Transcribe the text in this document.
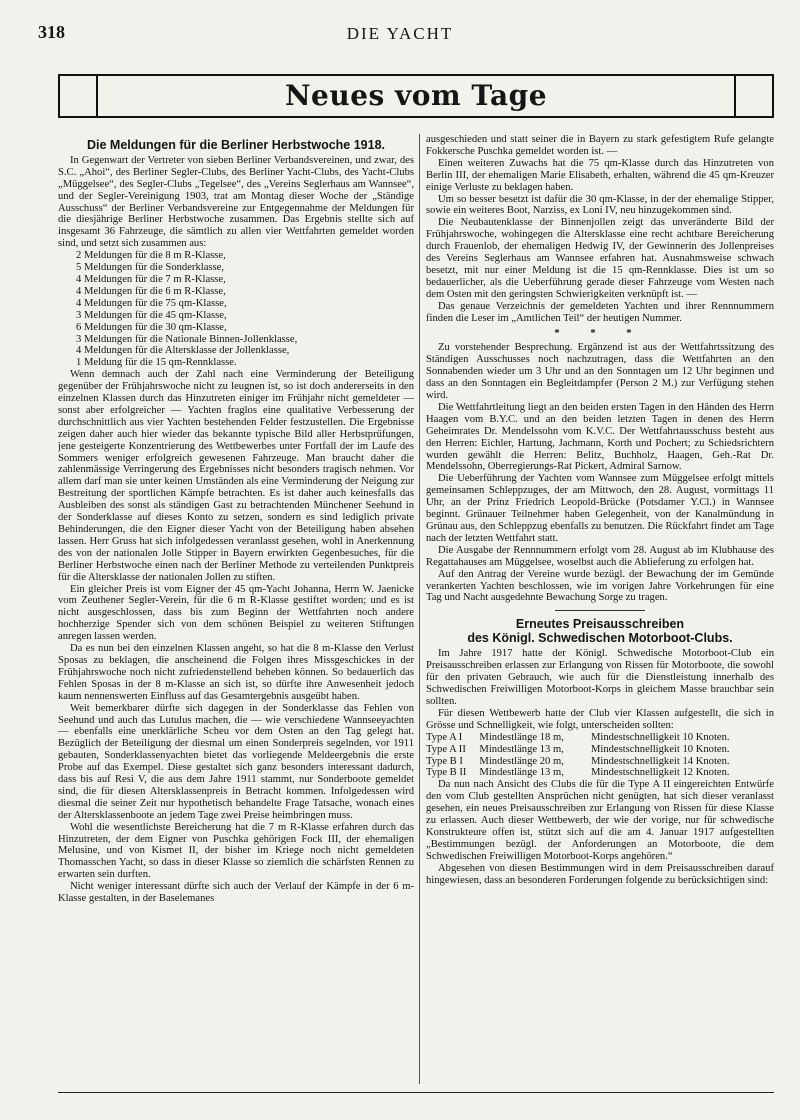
318	DIE YACHT
Neues vom Tage
Die Meldungen für die Berliner Herbstwoche 1918.

In Gegenwart der Vertreter von sieben Berliner Verbandsvereinen, und zwar, des S.C. „Ahoi“, des Berliner Segler-Clubs, des Berliner Yacht-Clubs, des Yacht-Clubs „Müggelsee“, des Segler-Clubs „Tegelsee“, des „Vereins Seglerhaus am Wannsee“, und der Segler-Vereinigung 1903, trat am Montag dieser Woche der „Ständige Ausschuss“ der Berliner Verbandsvereine zur Entgegennahme der Meldungen für die diesjährige Berliner Herbstwoche zusammen. Das Ergebnis stellte sich auf insgesamt 36 Fahrzeuge, die sämtlich zu allen vier Wettfahrten gemeldet worden sind, und setzt sich zusammen aus:

2 Meldungen für die 8 m R-Klasse,
5 Meldungen für die Sonderklasse,
4 Meldungen für die 7 m R-Klasse,
4 Meldungen für die 6 m R-Klasse,
4 Meldungen für die 75 qm-Klasse,
3 Meldungen für die 45 qm-Klasse,
6 Meldungen für die 30 qm-Klasse,
3 Meldungen für die Nationale Binnen-Jollenklasse,
4 Meldungen für die Altersklasse der Jollenklasse,
1 Meldung für die 15 qm-Rennklasse.

Wenn demnach auch der Zahl nach eine Verminderung der Beteiligung gegenüber der Frühjahrswoche nicht zu leugnen ist, so ist doch andererseits in den einzelnen Klassen durch das Hinzutreten einiger im Frühjahr nicht gemeldeter — sonst aber erfolgreicher — Yachten fraglos eine qualitative Verbesserung der durchschnittlich aus vier Yachten bestehenden Felder festzustellen. Die Ergebnisse zeigen daher auch hier wieder das bekannte typische Bild aller Herbstprüfungen, jene gesteigerte Konzentrierung des Wettbewerbes unter Fortfall der im Laufe des Sommers weniger erfolgreich gewesenen Fahrzeuge. Man braucht daher die zahlenmässige Verringerung des Ergebnisses nicht besonders tragisch nehmen. Vor allem darf man sie unter keinen Umständen als eine Verminderung der Neigung zur Bestreitung der sportlichen Kämpfe betrachten. Es ist daher auch keinesfalls das Ausbleiben des sonst als ständigen Gast zu betrachtenden Münchener Seehund in der Sonderklasse auf dieses Konto zu setzen, sondern es sind lediglich private Behinderungen, die den Eigner dieser Yacht von der Beteiligung haben absehen lassen. Herr Gruss hat sich infolgedessen veranlasst gesehen, wohl in Anerkennung des von der nationalen Jolle Stipper in Bayern erwirkten Gegenbesuches, für die Berliner Herbstwoche einen nach der Berliner Methode zu verteilenden Punktpreis für die Altersklasse der nationalen Jollen zu stiften.

Ein gleicher Preis ist vom Eigner der 45 qm-Yacht Johanna, Herrn W. Jaenicke vom Zeuthener Segler-Verein, für die 6 m R-Klasse gestiftet worden; und es ist nicht ausgeschlossen, dass bis zum Beginn der Wettfahrten noch andere hochherzige Spender sich von dem schönen Beispiel zu weiteren Stiftungen anregen lassen werden.

Da es nun bei den einzelnen Klassen angeht, so hat die 8 m-Klasse den Verlust Sposas zu beklagen, die anscheinend die Folgen ihres Missgeschickes in der Frühjahrswoche noch nicht zufriedenstellend beheben können. So bedauerlich das Fehlen Sposas in der 8 m-Klasse an sich ist, so dürfte ihre Anwesenheit jedoch kaum nennenswerten Einfluss auf das Gesamtergebnis ausgeübt haben.

Weit bemerkbarer dürfte sich dagegen in der Sonderklasse das Fehlen von Seehund und auch das Lutulus machen, die — wie verschiedene Wannseeyachten — ebenfalls eine unerklärliche Scheu vor dem Osten an den Tag gelegt hat. Bezüglich der Beteiligung der diesmal um einen Sonderpreis segelnden, vor 1911 gebauten, Sonderklassenyachten bietet das vorliegende Meldeergebnis die erste Probe auf das Exempel. Diese gestaltet sich ganz besonders interessant dadurch, dass bis auf Resi V, die aus dem Jahre 1911 stammt, nur Sonderboote gemeldet sind, die für diesen Altersklassenpreis in Betracht kommen. Infolgedessen wird diesmal die seiner Zeit nur hypothetisch behandelte Frage Tatsache, wonach eines der Altersklassenboote an jedem Tage zwei Preise heimbringen muss.

Wohl die wesentlichste Bereicherung hat die 7 m R-Klasse erfahren durch das Hinzutreten, der dem Eigner von Puschka gehörigen Fock III, der ehemaligen Melusine, und von Kismet II, der bisher im Kriege noch nicht gemeldeten Thomasschen Yacht, so dass in dieser Klasse so ziemlich die schärfsten Rennen zu erwarten sein durften.

Nicht weniger interessant dürfte sich auch der Verlauf der Kämpfe in der 6 m-Klasse gestalten, in der Baselemanes

ausgeschieden und statt seiner die in Bayern zu stark gefestigtem Rufe gelangte Fokkersche Puschka gemeldet worden ist. —

Einen weiteren Zuwachs hat die 75 qm-Klasse durch das Hinzutreten von Berlin III, der ehemaligen Marie Elisabeth, erhalten, während die 45 qm-Kreuzer einige Verluste zu beklagen haben.

Um so besser besetzt ist dafür die 30 qm-Klasse, in der der ehemalige Stipper, sowie ein weiteres Boot, Narziss, ex Loni IV, neu hinzugekommen sind.

Die Neubautenklasse der Binnenjollen zeigt das unveränderte Bild der Frühjahrswoche, wohingegen die Altersklasse eine recht achtbare Bereicherung durch Frauenlob, der ehemaligen Hedwig IV, der Gewinnerin des Jollenpreises des Vereins Seglerhaus am Wannsee erfahren hat. Ausnahmsweise schwach besetzt, mit nur einer Meldung ist die 15 qm-Rennklasse. Dies ist um so bedauerlicher, als die Ueberführung gerade dieser Fahrzeuge vom Westen nach dem Osten mit den geringsten Schwierigkeiten verknüpft ist. —

Das genaue Verzeichnis der gemeldeten Yachten und ihrer Rennnummern finden die Leser im „Amtlichen Teil“ der heutigen Nummer.

* * *

Zu vorstehender Besprechung. Ergänzend ist aus der Wettfahrtssitzung des Ständigen Ausschusses noch nachzutragen, dass die Wettfahrten an den Sonnabenden wieder um 3 Uhr und an den Sonntagen um 12 Uhr beginnen und dass an den Sonntagen ein Begleitdampfer (Person 2 M.) zur Verfügung stehen wird.

Die Wettfahrtleitung liegt an den beiden ersten Tagen in den Händen des Herrn Haagen vom B.Y.C. und an den beiden letzten Tagen in denen des Herrn Geheimrates Dr. Mendelssohn vom K.V.C. Der Wettfahrtausschuss besteht aus den Herren: Eichler, Hartung, Jachmann, Korth und Pochert; zu Schiedsrichtern wurden gewählt die Herren: Belitz, Buchholz, Haagen, Geh.-Rat Dr. Mendelssohn, Oberregierungs-Rat Pickert, Admiral Sarnow.

Die Ueberführung der Yachten vom Wannsee zum Müggelsee erfolgt mittels gemeinsamen Schleppzuges, der am Mittwoch, den 28. August, vormittags 11 Uhr, an der Prinz Friedrich Leopold-Brücke (Potsdamer Y.Cl.) in Wannsee beginnt. Grünauer Teilnehmer haben Gelegenheit, von der Kanalmündung in Grünau aus, den Schleppzug ebenfalls zu benutzen. Die Rückfahrt findet am Tage nach der letzten Wettfahrt statt.

Die Ausgabe der Rennnummern erfolgt vom 28. August ab im Klubhause des Regattahauses am Müggelsee, woselbst auch die Ablieferung zu erfolgen hat.

Auf den Antrag der Vereine wurde bezügl. der Bewachung der im Gemünde verankerten Yachten beschlossen, wie im vorigen Jahre Vorkehrungen für eine Tag und Nacht ausgedehnte Bewachung Sorge zu tragen.

Erneutes Preisausschreiben
des Königl. Schwedischen Motorboot-Clubs.

Im Jahre 1917 hatte der Königl. Schwedische Motorboot-Club ein Preisausschreiben erlassen zur Erlangung von Rissen für Motorboote, die sowohl für den privaten Gebrauch, wie auch für die Dienstleistung innerhalb des Schwedischen Freiwilligen Motorboot-Korps in gleichem Masse brauchbar sein sollten.

Für diesen Wettbewerb hatte der Club vier Klassen aufgestellt, die sich in Grösse und Schnelligkeit, wie folgt, unterscheiden sollten:

Type A I	Mindestlänge 18 m,	Mindestschnelligkeit 10 Knoten.
Type A II	Mindestlänge 13 m,	Mindestschnelligkeit 10 Knoten.
Type B I	Mindestlänge 20 m,	Mindestschnelligkeit 14 Knoten.
Type B II	Mindestlänge 13 m,	Mindestschnelligkeit 12 Knoten.

Da nun nach Ansicht des Clubs die für die Type A II eingereichten Entwürfe den vom Club gestellten Ansprüchen nicht genügten, hat sich dieser veranlasst gesehen, ein neues Preisausschreiben zur Erlangung von Rissen für diese Klasse zu erlassen. Auch dieser Wettbewerb, der wie der vorige, nur für schwedische Konstrukteure offen ist, stützt sich auf die am 4. Januar 1917 aufgestellten „Bestimmungen bezügl. der Anforderungen an Motorboote, die dem Schwedischen Freiwilligen Motorboot-Korps angehören.“

Abgesehen von diesen Bestimmungen wird in dem Preisausschreiben darauf hingewiesen, dass an besonderen Forderungen folgende zu berücksichtigen sind:
